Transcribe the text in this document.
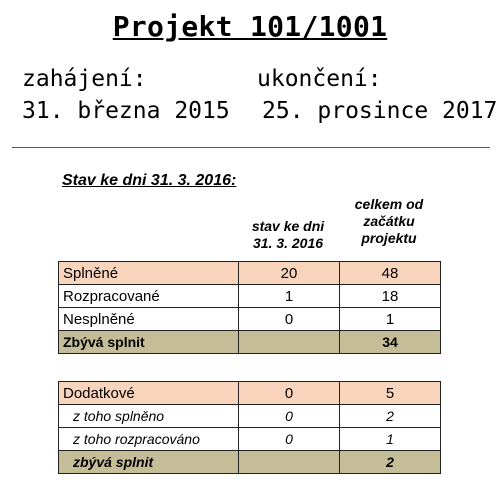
Projekt 101/1001
zahájení:
31. března 2015
ukončení:
25. prosince 2017
Stav ke dni 31. 3. 2016:
stav ke dni
31. 3. 2016
celkem od
začátku
projektu
Splněné	20	48
Rozpracované	1	18
Nesplněné	0	1
Zbývá splnit		34
Dodatkové	0	5
z toho splněno	0	2
z toho rozpracováno	0	1
zbývá splnit		2
